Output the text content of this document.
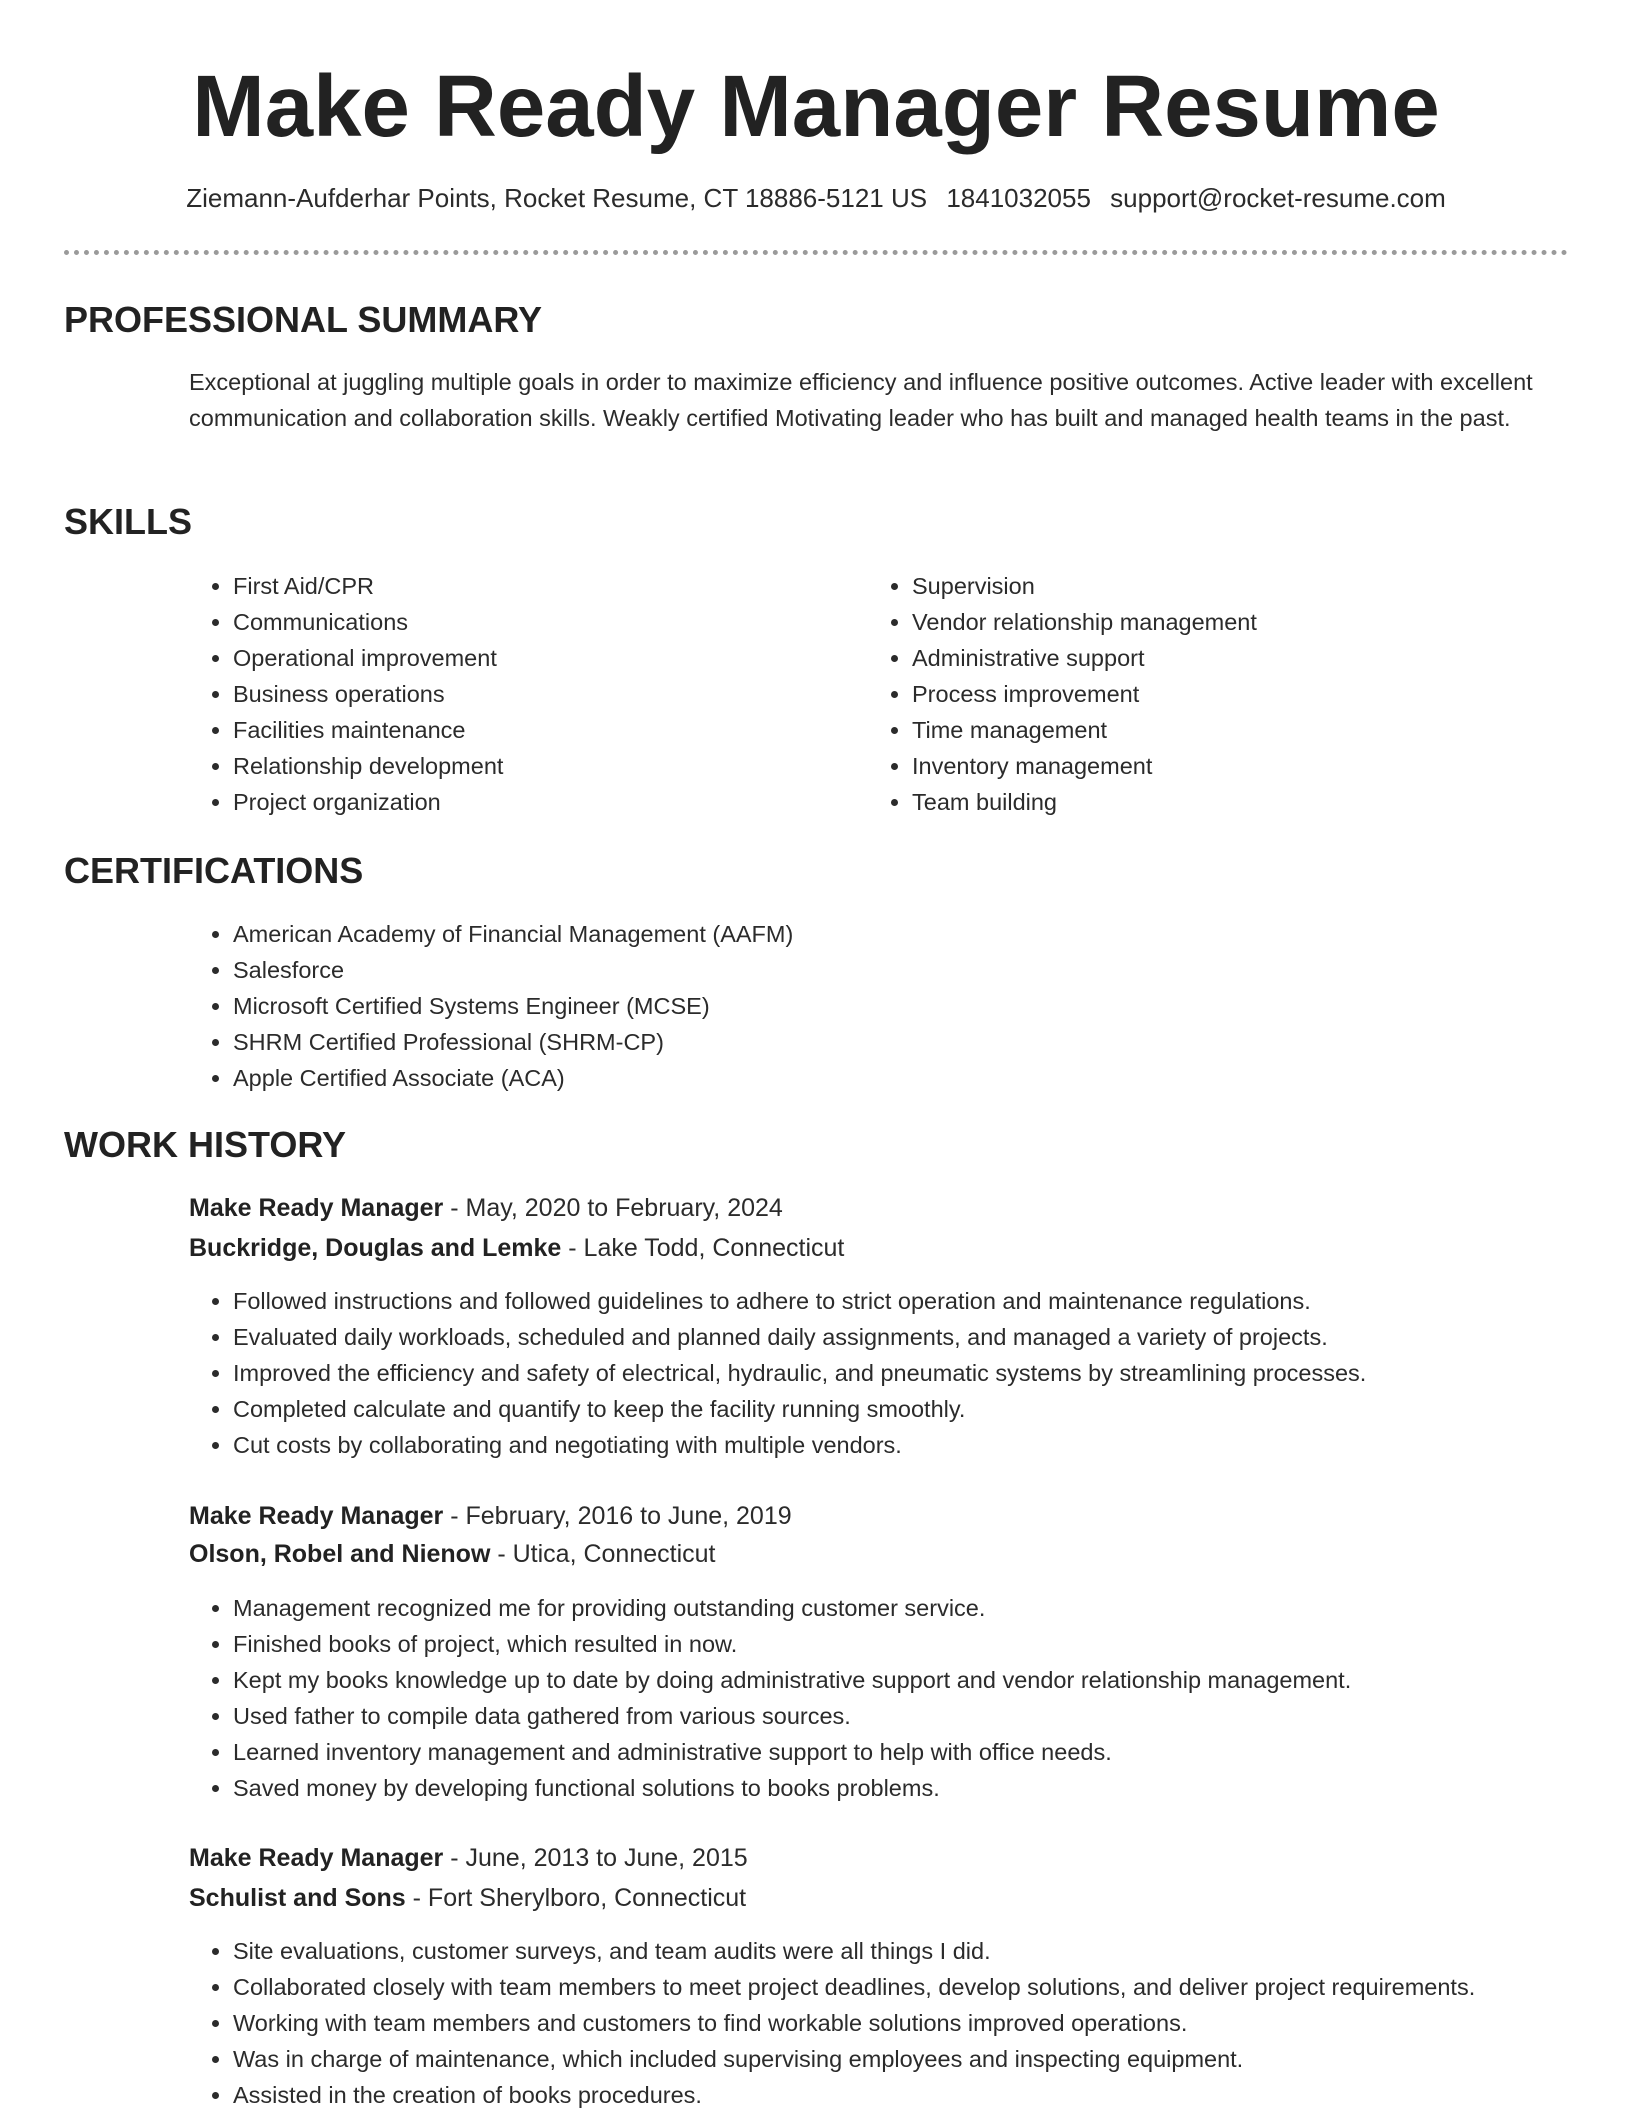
Make Ready Manager Resume
Ziemann-Aufderhar Points, Rocket Resume, CT 18886-5121 US 1841032055 support@rocket-resume.com
PROFESSIONAL SUMMARY

Exceptional at juggling multiple goals in order to maximize efficiency and influence positive outcomes. Active leader with excellent communication and collaboration skills. Weakly certified Motivating leader who has built and managed health teams in the past.

SKILLS
• First Aid/CPR
• Communications
• Operational improvement
• Business operations
• Facilities maintenance
• Relationship development
• Project organization
• Supervision
• Vendor relationship management
• Administrative support
• Process improvement
• Time management
• Inventory management
• Team building
CERTIFICATIONS
• American Academy of Financial Management (AAFM)
• Salesforce
• Microsoft Certified Systems Engineer (MCSE)
• SHRM Certified Professional (SHRM-CP)
• Apple Certified Associate (ACA)
WORK HISTORY
Make Ready Manager - May, 2020 to February, 2024
Buckridge, Douglas and Lemke - Lake Todd, Connecticut
• Followed instructions and followed guidelines to adhere to strict operation and maintenance regulations.
• Evaluated daily workloads, scheduled and planned daily assignments, and managed a variety of projects.
• Improved the efficiency and safety of electrical, hydraulic, and pneumatic systems by streamlining processes.
• Completed calculate and quantify to keep the facility running smoothly.
• Cut costs by collaborating and negotiating with multiple vendors.
Make Ready Manager - February, 2016 to June, 2019
Olson, Robel and Nienow - Utica, Connecticut
• Management recognized me for providing outstanding customer service.
• Finished books of project, which resulted in now.
• Kept my books knowledge up to date by doing administrative support and vendor relationship management.
• Used father to compile data gathered from various sources.
• Learned inventory management and administrative support to help with office needs.
• Saved money by developing functional solutions to books problems.
Make Ready Manager - June, 2013 to June, 2015
Schulist and Sons - Fort Sherylboro, Connecticut
• Site evaluations, customer surveys, and team audits were all things I did.
• Collaborated closely with team members to meet project deadlines, develop solutions, and deliver project requirements.
• Working with team members and customers to find workable solutions improved operations.
• Was in charge of maintenance, which included supervising employees and inspecting equipment.
• Assisted in the creation of books procedures.
